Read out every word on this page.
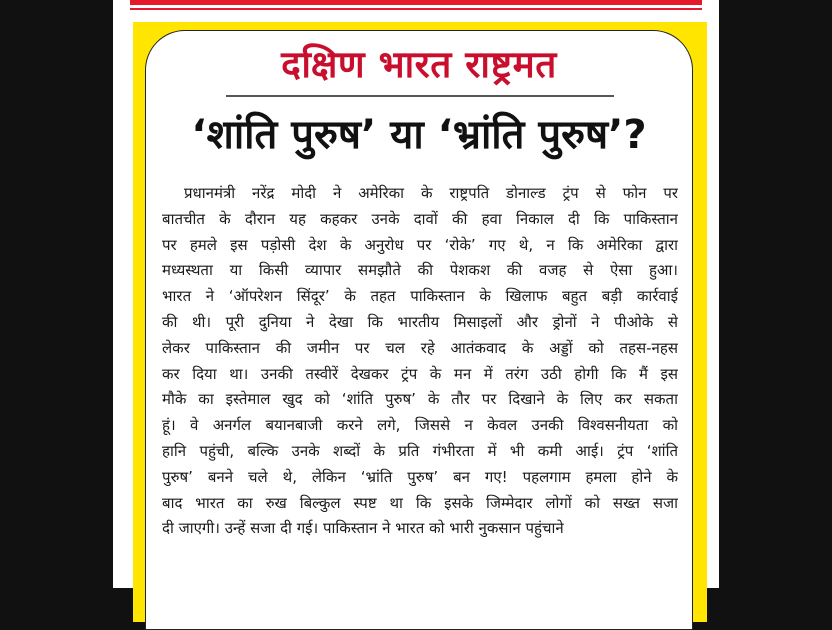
दक्षिण भारत राष्ट्रमत
‘शांति पुरुष’ या ‘भ्रांति पुरुष’?
प्रधानमंत्री नरेंद्र मोदी ने अमेरिका के राष्ट्रपति डोनाल्ड ट्रंप से फोन पर
बातचीत के दौरान यह कहकर उनके दावों की हवा निकाल दी कि पाकिस्तान
पर हमले इस पड़ोसी देश के अनुरोध पर ‘रोके’ गए थे, न कि अमेरिका द्वारा
मध्यस्थता या किसी व्यापार समझौते की पेशकश की वजह से ऐसा हुआ।
भारत ने ‘ऑपरेशन सिंदूर’ के तहत पाकिस्तान के खिलाफ बहुत बड़ी कार्रवाई
की थी। पूरी दुनिया ने देखा कि भारतीय मिसाइलों और ड्रोनों ने पीओके से
लेकर पाकिस्तान की जमीन पर चल रहे आतंकवाद के अड्डों को तहस-नहस
कर दिया था। उनकी तस्वीरें देखकर ट्रंप के मन में तरंग उठी होगी कि मैं इस
मौके का इस्तेमाल खुद को ‘शांति पुरुष’ के तौर पर दिखाने के लिए कर सकता
हूं। वे अनर्गल बयानबाजी करने लगे, जिससे न केवल उनकी विश्वसनीयता को
हानि पहुंची, बल्कि उनके शब्दों के प्रति गंभीरता में भी कमी आई। ट्रंप ‘शांति
पुरुष’ बनने चले थे, लेकिन ‘भ्रांति पुरुष’ बन गए! पहलगाम हमला होने के
बाद भारत का रुख बिल्कुल स्पष्ट था कि इसके जिम्मेदार लोगों को सख्त सजा
दी जाएगी। उन्हें सजा दी गई। पाकिस्तान ने भारत को भारी नुकसान पहुंचाने
